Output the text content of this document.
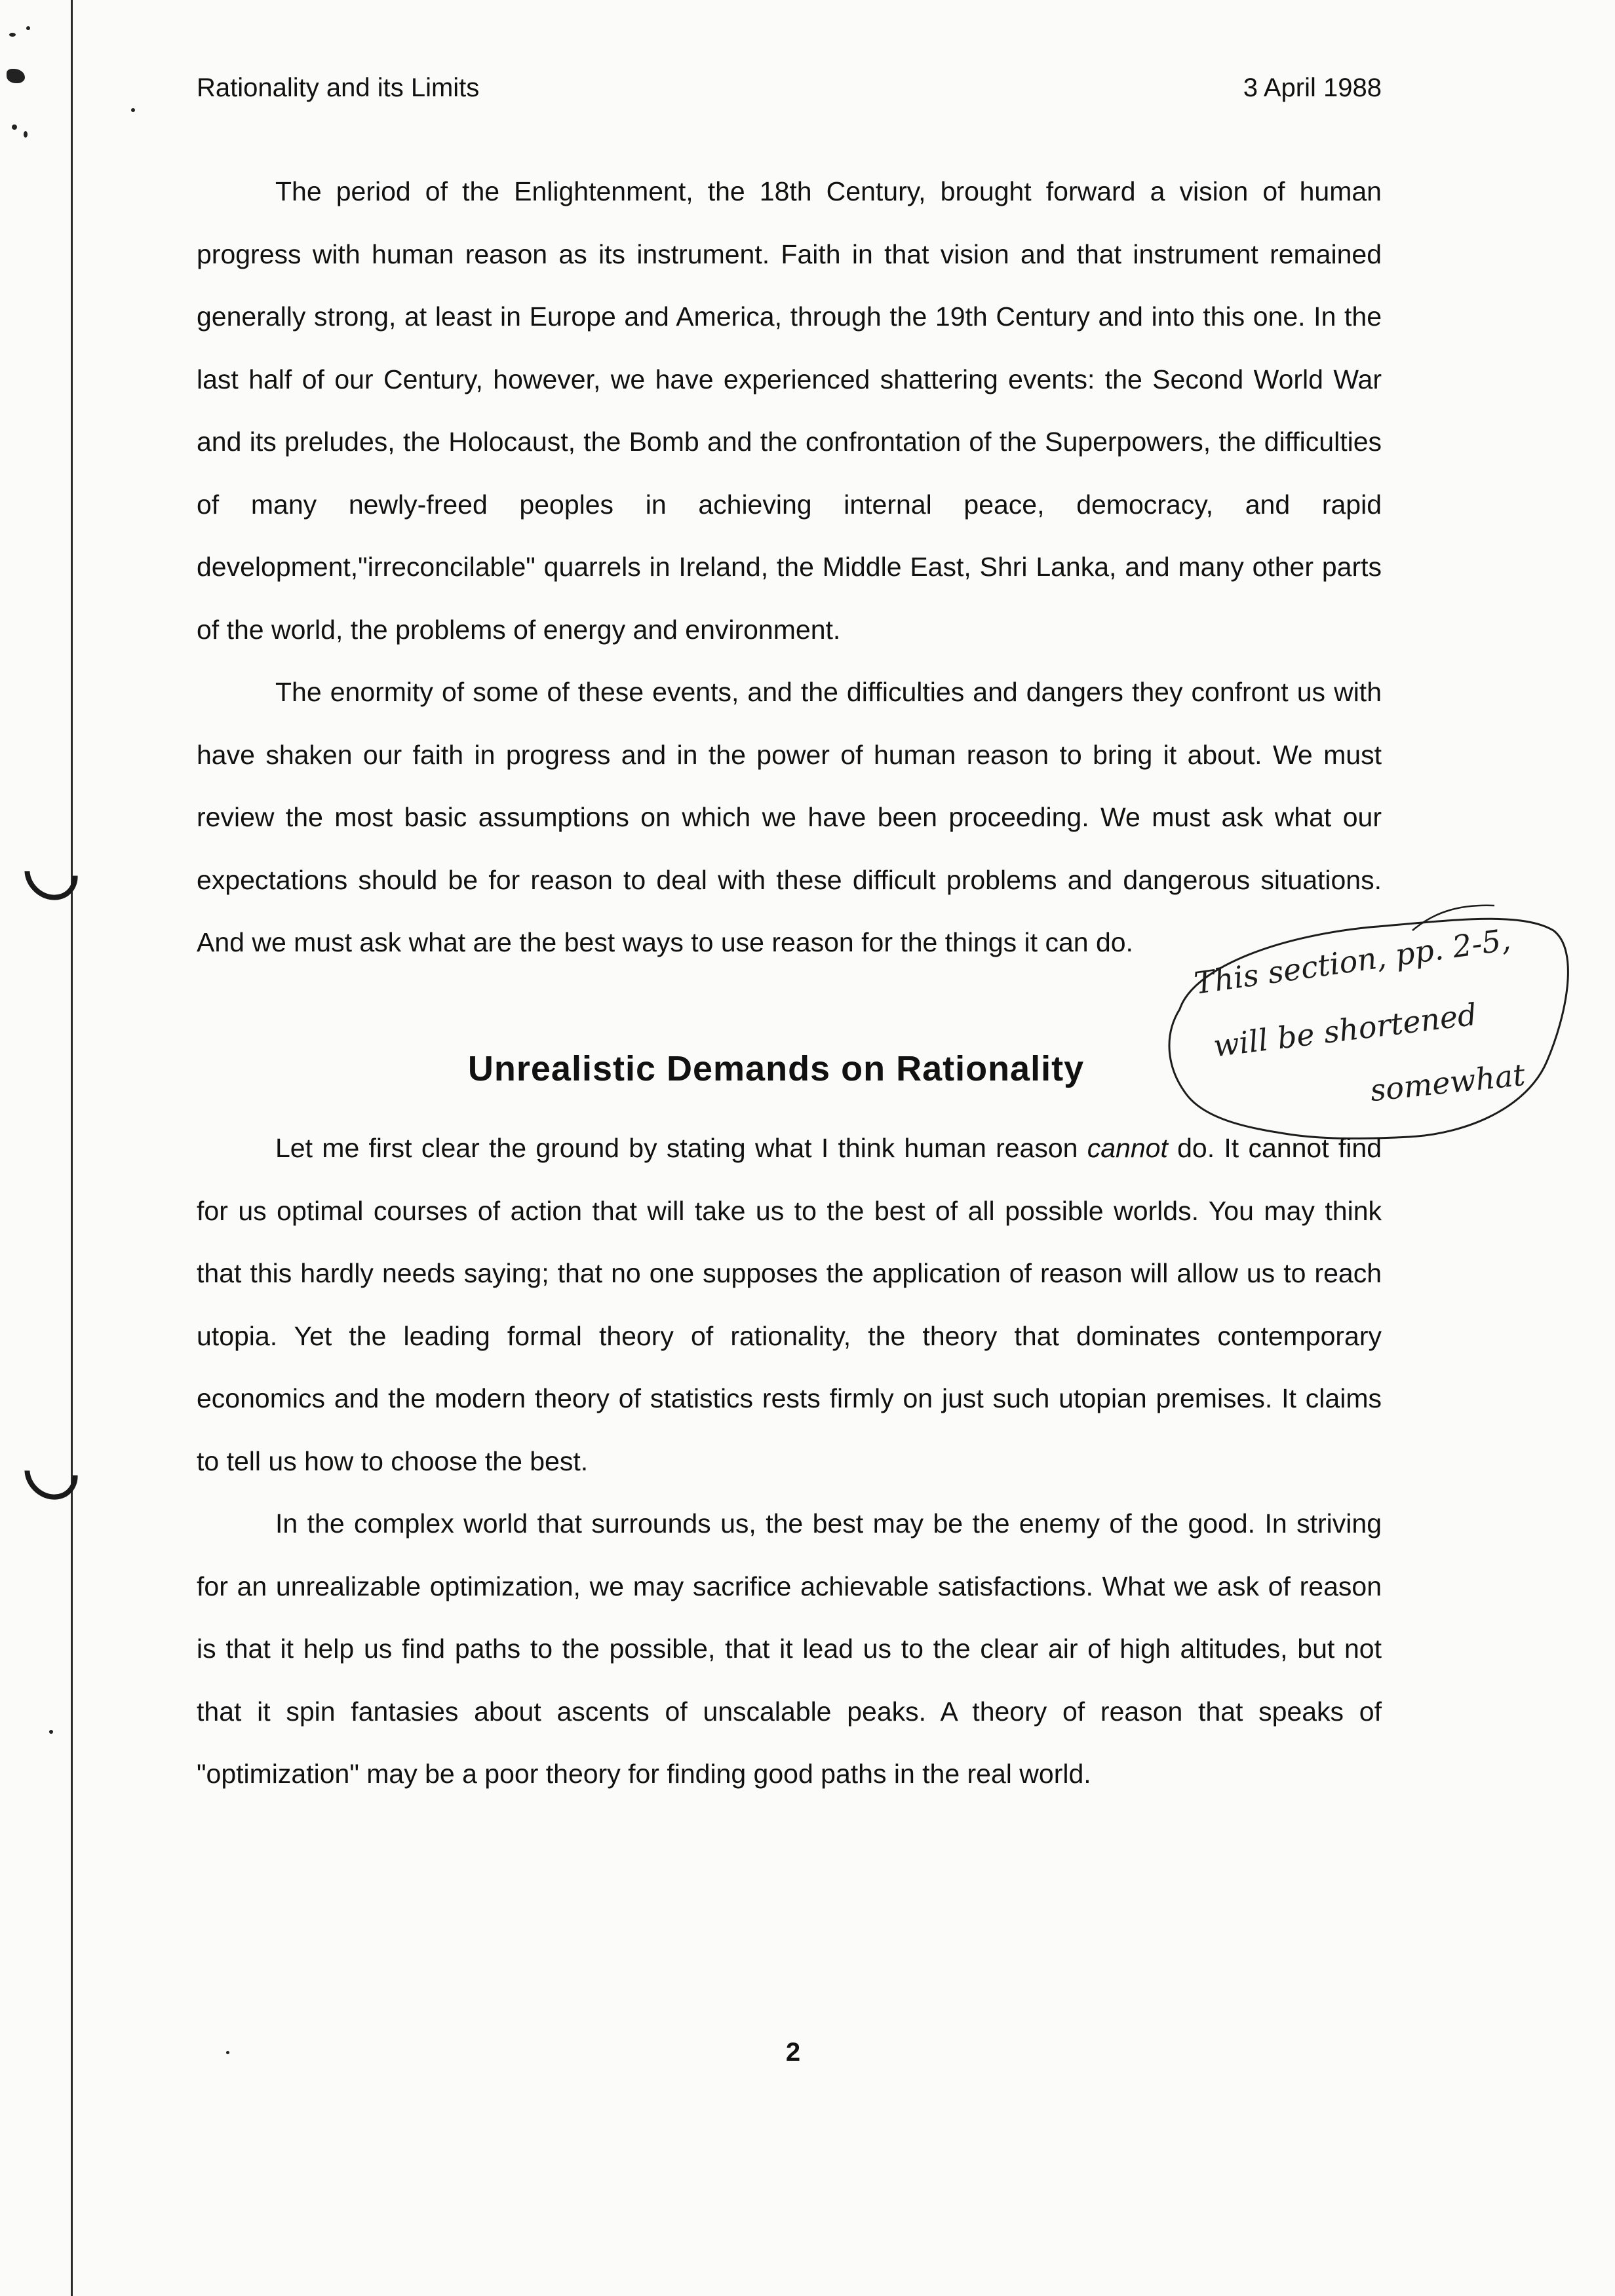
Rationality and its Limits	3 April 1988

The period of the Enlightenment, the 18th Century, brought forward a vision of human progress with human reason as its instrument. Faith in that vision and that instrument remained generally strong, at least in Europe and America, through the 19th Century and into this one. In the last half of our Century, however, we have experienced shattering events: the Second World War and its preludes, the Holocaust, the Bomb and the confrontation of the Superpowers, the difficulties of many newly-freed peoples in achieving internal peace, democracy, and rapid development,"irreconcilable" quarrels in Ireland, the Middle East, Shri Lanka, and many other parts of the world, the problems of energy and environment.

The enormity of some of these events, and the difficulties and dangers they confront us with have shaken our faith in progress and in the power of human reason to bring it about. We must review the most basic assumptions on which we have been proceeding. We must ask what our expectations should be for reason to deal with these difficult problems and dangerous situations. And we must ask what are the best ways to use reason for the things it can do.

Unrealistic Demands on Rationality
This section, pp. 2-5,
will be shortened
somewhat

Let me first clear the ground by stating what I think human reason cannot do. It cannot find for us optimal courses of action that will take us to the best of all possible worlds. You may think that this hardly needs saying; that no one supposes the application of reason will allow us to reach utopia. Yet the leading formal theory of rationality, the theory that dominates contemporary economics and the modern theory of statistics rests firmly on just such utopian premises. It claims to tell us how to choose the best.

In the complex world that surrounds us, the best may be the enemy of the good. In striving for an unrealizable optimization, we may sacrifice achievable satisfactions. What we ask of reason is that it help us find paths to the possible, that it lead us to the clear air of high altitudes, but not that it spin fantasies about ascents of unscalable peaks. A theory of reason that speaks of "optimization" may be a poor theory for finding good paths in the real world.

2
